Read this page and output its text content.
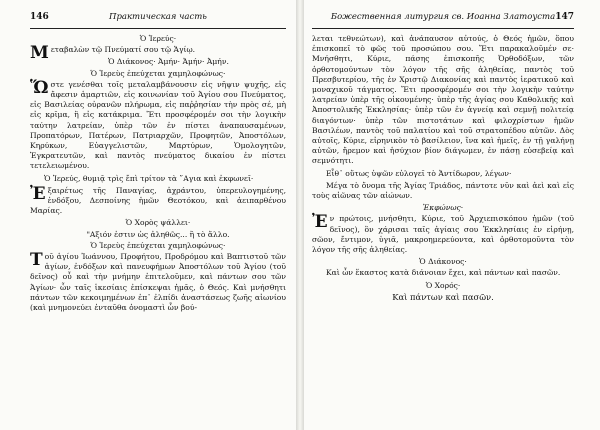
146	Практическая часть
Ὁ Ἱερεύς·
Μεταβαλὼν τῷ Πνεύματί σου τῷ Ἁγίῳ.
Ὁ Διάκονος· Ἀμήν· Ἀμήν· Ἀμήν.
Ὁ Ἱερεὺς ἐπεύχεται χαμηλοφώνως·
Ὥστε γενέσθαι τοῖς μεταλαμβάνουσιν εἰς νῆψιν ψυχῆς, εἰς ἄφεσιν ἁμαρτιῶν, εἰς κοινωνίαν τοῦ Ἁγίου σου Πνεύματος, εἰς Βασιλείας οὐρανῶν πλήρωμα, εἰς παῤῥησίαν τὴν πρὸς σέ, μὴ εἰς κρῖμα, ἢ εἰς κατάκριμα. Ἔτι προσφέρομέν σοι τὴν λογικὴν ταύτην λατρείαν, ὑπὲρ τῶν ἐν πίστει ἀναπαυσαμένων, Προπατόρων, Πατέρων, Πατριαρχῶν, Προφητῶν, Ἀποστόλων, Κηρύκων, Εὐαγγελιστῶν, Μαρτύρων, Ὁμολογητῶν, Ἐγκρατευτῶν, καὶ παντὸς πνεύματος δικαίου ἐν πίστει τετελειωμένου.
Ὁ Ἱερεύς, θυμιᾷ τρὶς ἔπὶ τρίτον τὰ ῞Αγια καὶ ἐκφωνεῖ·
Ἐξαιρέτως τῆς Παναγίας, ἀχράντου, ὑπερευλογημένης, ἐνδόξου, Δεσποίνης ἡμῶν Θεοτόκου, καὶ ἀειπαρθένου Μαρίας.
Ὁ Χορὸς ψάλλει·
"Αξιόν ἐστιν ὡς ἀληθῶς... ἢ τὸ ἄλλο.
Ὁ Ἱερεὺς ἐπεύχεται χαμηλοφώνως·
Τοῦ ἁγίου Ἰωάννου, Προφήτου, Προδρόμου καὶ Βαπτιστοῦ τῶν ἁγίων, ἐνδόξων καὶ πανευφήμων Ἀποστόλων τοῦ Ἁγίου (τοῦ δεῖνος) οὗ καὶ τὴν μνήμην ἐπιτελοῦμεν, καὶ πάντων σου τῶν Ἁγίων· ὧν ταῖς ἱκεσίαις ἐπίσκεψαι ἡμᾶς, ὁ Θεός. Καὶ μνήσθητι πάντων τῶν κεκοιμημένων ἐπ᾿ ἐλπίδι ἀναστάσεως ζωῆς αἰωνίου (καὶ μνημονεύει ἐνταῦθα ὀνομαστὶ ὧν βού-
Божественная литургия св. Иоанна Златоуста 147
λεται τεθνεώτων), καὶ ἀνάπαυσον αὐτούς, ὁ Θεός ἡμῶν, ὅπου ἐπισκοπεῖ τὸ φῶς τοῦ προσώπου σου. Ἔτι παρακαλοῦμέν σε· Μνήσθητι, Κύριε, πάσης ἐπισκοπῆς Ὀρθοδόξων, τῶν ὀρθοτομούντων τὸν λόγον τῆς σῆς ἀληθείας, παντὸς τοῦ Πρεσβυτερίου, τῆς ἐν Χριστῷ Διακονίας καὶ παντὸς ἱερατικοῦ καὶ μοναχικοῦ τάγματος. Ἔτι προσφέρομέν σοι τὴν λογικὴν ταύτην λατρείαν ὑπὲρ τῆς οἰκουμένης· ὑπὲρ τῆς ἁγίας σου Καθολικῆς καὶ Ἀποστολικῆς Ἐκκλησίας· ὑπὲρ τῶν ἐν ἁγνείᾳ καὶ σεμνῇ πολιτείᾳ διαγόντων· ὑπὲρ τῶν πιστοτάτων καὶ φιλοχρίστων ἡμῶν Βασιλέων, παντὸς τοῦ παλατίου καὶ τοῦ στρατοπέδου αὐτῶν. Δὸς αὐτοῖς, Κύριε, εἰρηνικὸν τὸ βασίλειον, ἵνα καὶ ἡμεῖς, ἐν τῇ γαλήνῃ αὐτῶν, ἤρεμον καὶ ἡσύχιον βίον διάγωμεν, ἐν πάσῃ εὐσεβείᾳ καὶ σεμνότητι.
Εἶθ᾿ οὕτως ὑψῶν εὐλογεῖ τὸ Ἀντίδωρον, λέγων·
Μέγα τὸ ὄνομα τῆς Ἁγίας Τριάδος, πάντοτε νῦν καὶ ἀεὶ καὶ εἰς τοὺς αἰῶνας τῶν αἰώνων.
Ἐκφώνως·
Ἐν πρώτοις, μνήσθητι, Κύριε, τοῦ Ἀρχιεπισκόπου ἡμῶν (τοῦ δεῖνος), ὃν χάρισαι ταῖς ἁγίαις σου Ἐκκλησίαις ἐν εἰρήνῃ, σῶον, ἔντιμον, ὑγιᾶ, μακροημερεύοντα, καὶ ὀρθοτομοῦντα τὸν λόγον τῆς σῆς ἀληθείας.
Ὁ Διάκονος·
Καὶ ὧν ἕκαστος κατὰ διάνοιαν ἔχει, καὶ πάντων καὶ πασῶν.
Ὁ Χορός·
Καὶ πάντων καὶ πασῶν.
